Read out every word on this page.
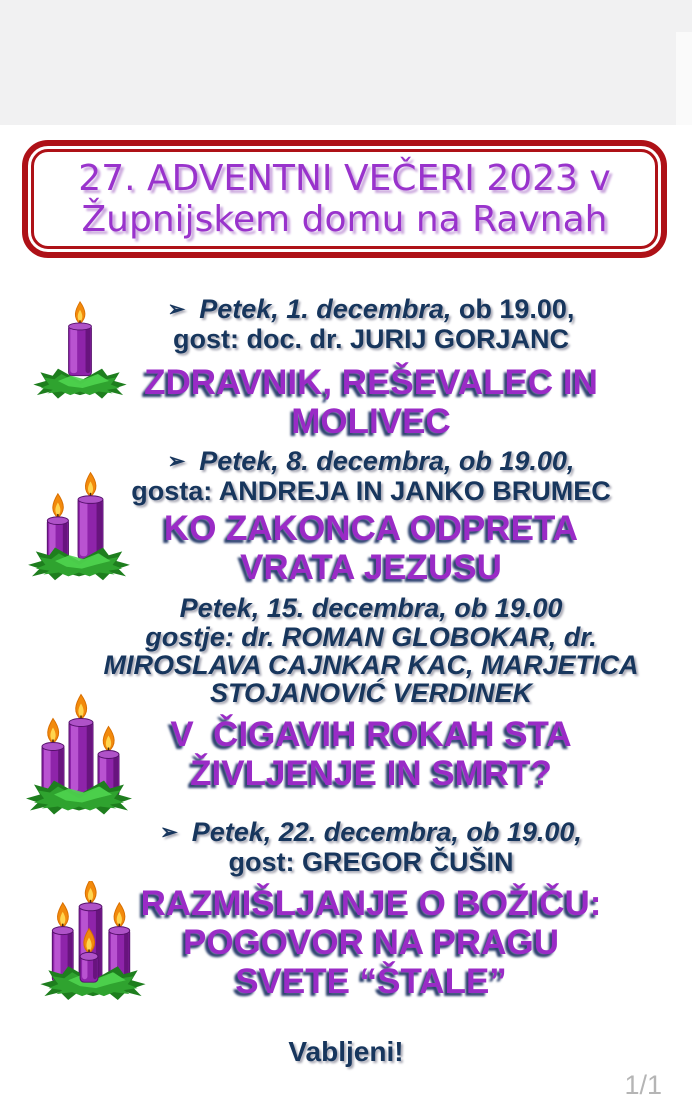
27. ADVENTNI VEČERI 2023 v
Župnijskem domu na Ravnah
➢ Petek, 1. decembra, ob 19.00,
gost: doc. dr. JURIJ GORJANC
ZDRAVNIK, REŠEVALEC IN
MOLIVEC
➢ Petek, 8. decembra, ob 19.00,
gosta: ANDREJA IN JANKO BRUMEC
KO ZAKONCA ODPRETA
VRATA JEZUSU
Petek, 15. decembra, ob 19.00
gostje: dr. ROMAN GLOBOKAR, dr.
MIROSLAVA CAJNKAR KAC, MARJETICA
STOJANOVIĆ VERDINEK
V  ČIGAVIH ROKAH STA
ŽIVLJENJE IN SMRT?
➢ Petek, 22. decembra, ob 19.00,
gost: GREGOR ČUŠIN
RAZMIŠLJANJE O BOŽIČU:
POGOVOR NA PRAGU
SVETE “ŠTALE”
Vabljeni!
1/1
